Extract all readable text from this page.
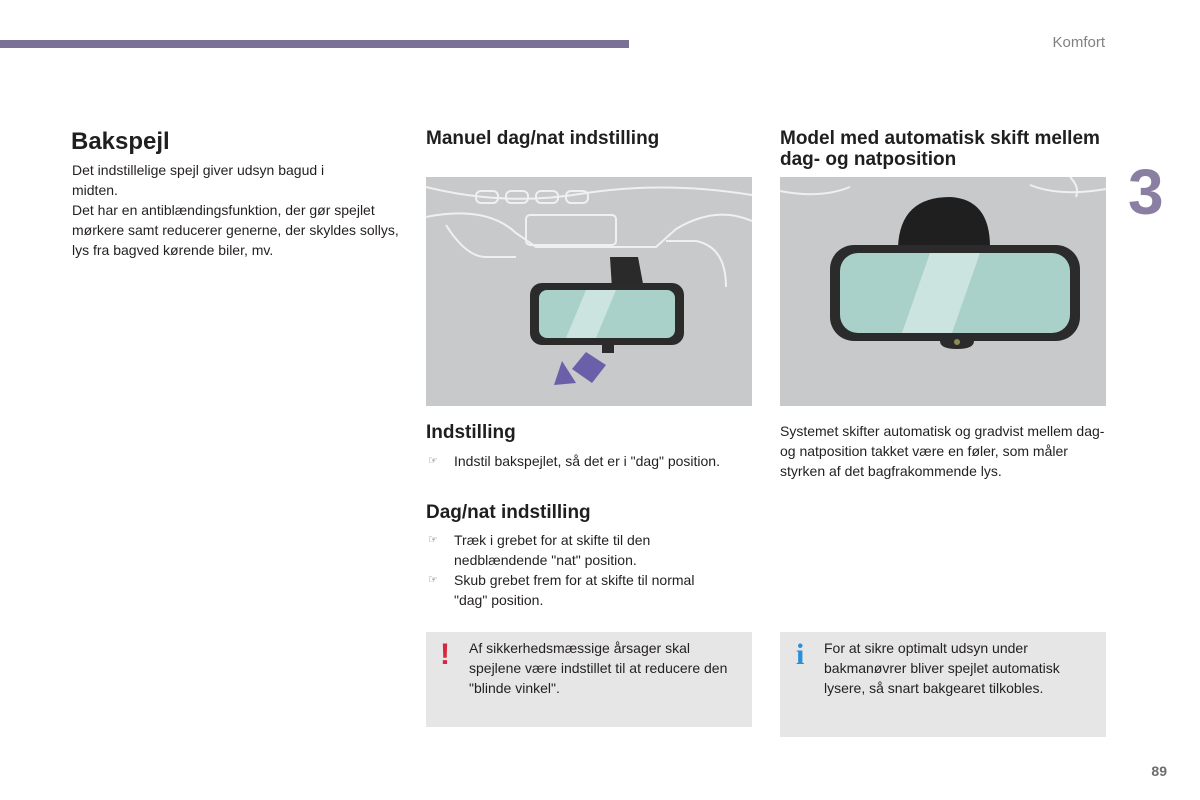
Komfort
3
Bakspejl

Det indstillelige spejl giver udsyn bagud i midten.

Det har en antiblændingsfunktion, der gør spejlet mørkere samt reducerer generne, der skyldes sollys, lys fra bagved kørende biler, mv.

Manuel dag/nat indstilling
Indstilling
☞ Indstil bakspejlet, så det er i "dag" position.
Dag/nat indstilling
☞ Træk i grebet for at skifte til den nedblændende "nat" position.
☞ Skub grebet frem for at skifte til normal "dag" position.
! Af sikkerhedsmæssige årsager skal spejlene være indstillet til at reducere den "blinde vinkel".

Model med automatisk skift mellem dag- og natposition

Systemet skifter automatisk og gradvist mellem dag- og natposition takket være en føler, som måler styrken af det bagfrakommende lys.

i For at sikre optimalt udsyn under bakmanøvrer bliver spejlet automatisk lysere, så snart bakgearet tilkobles.

89
